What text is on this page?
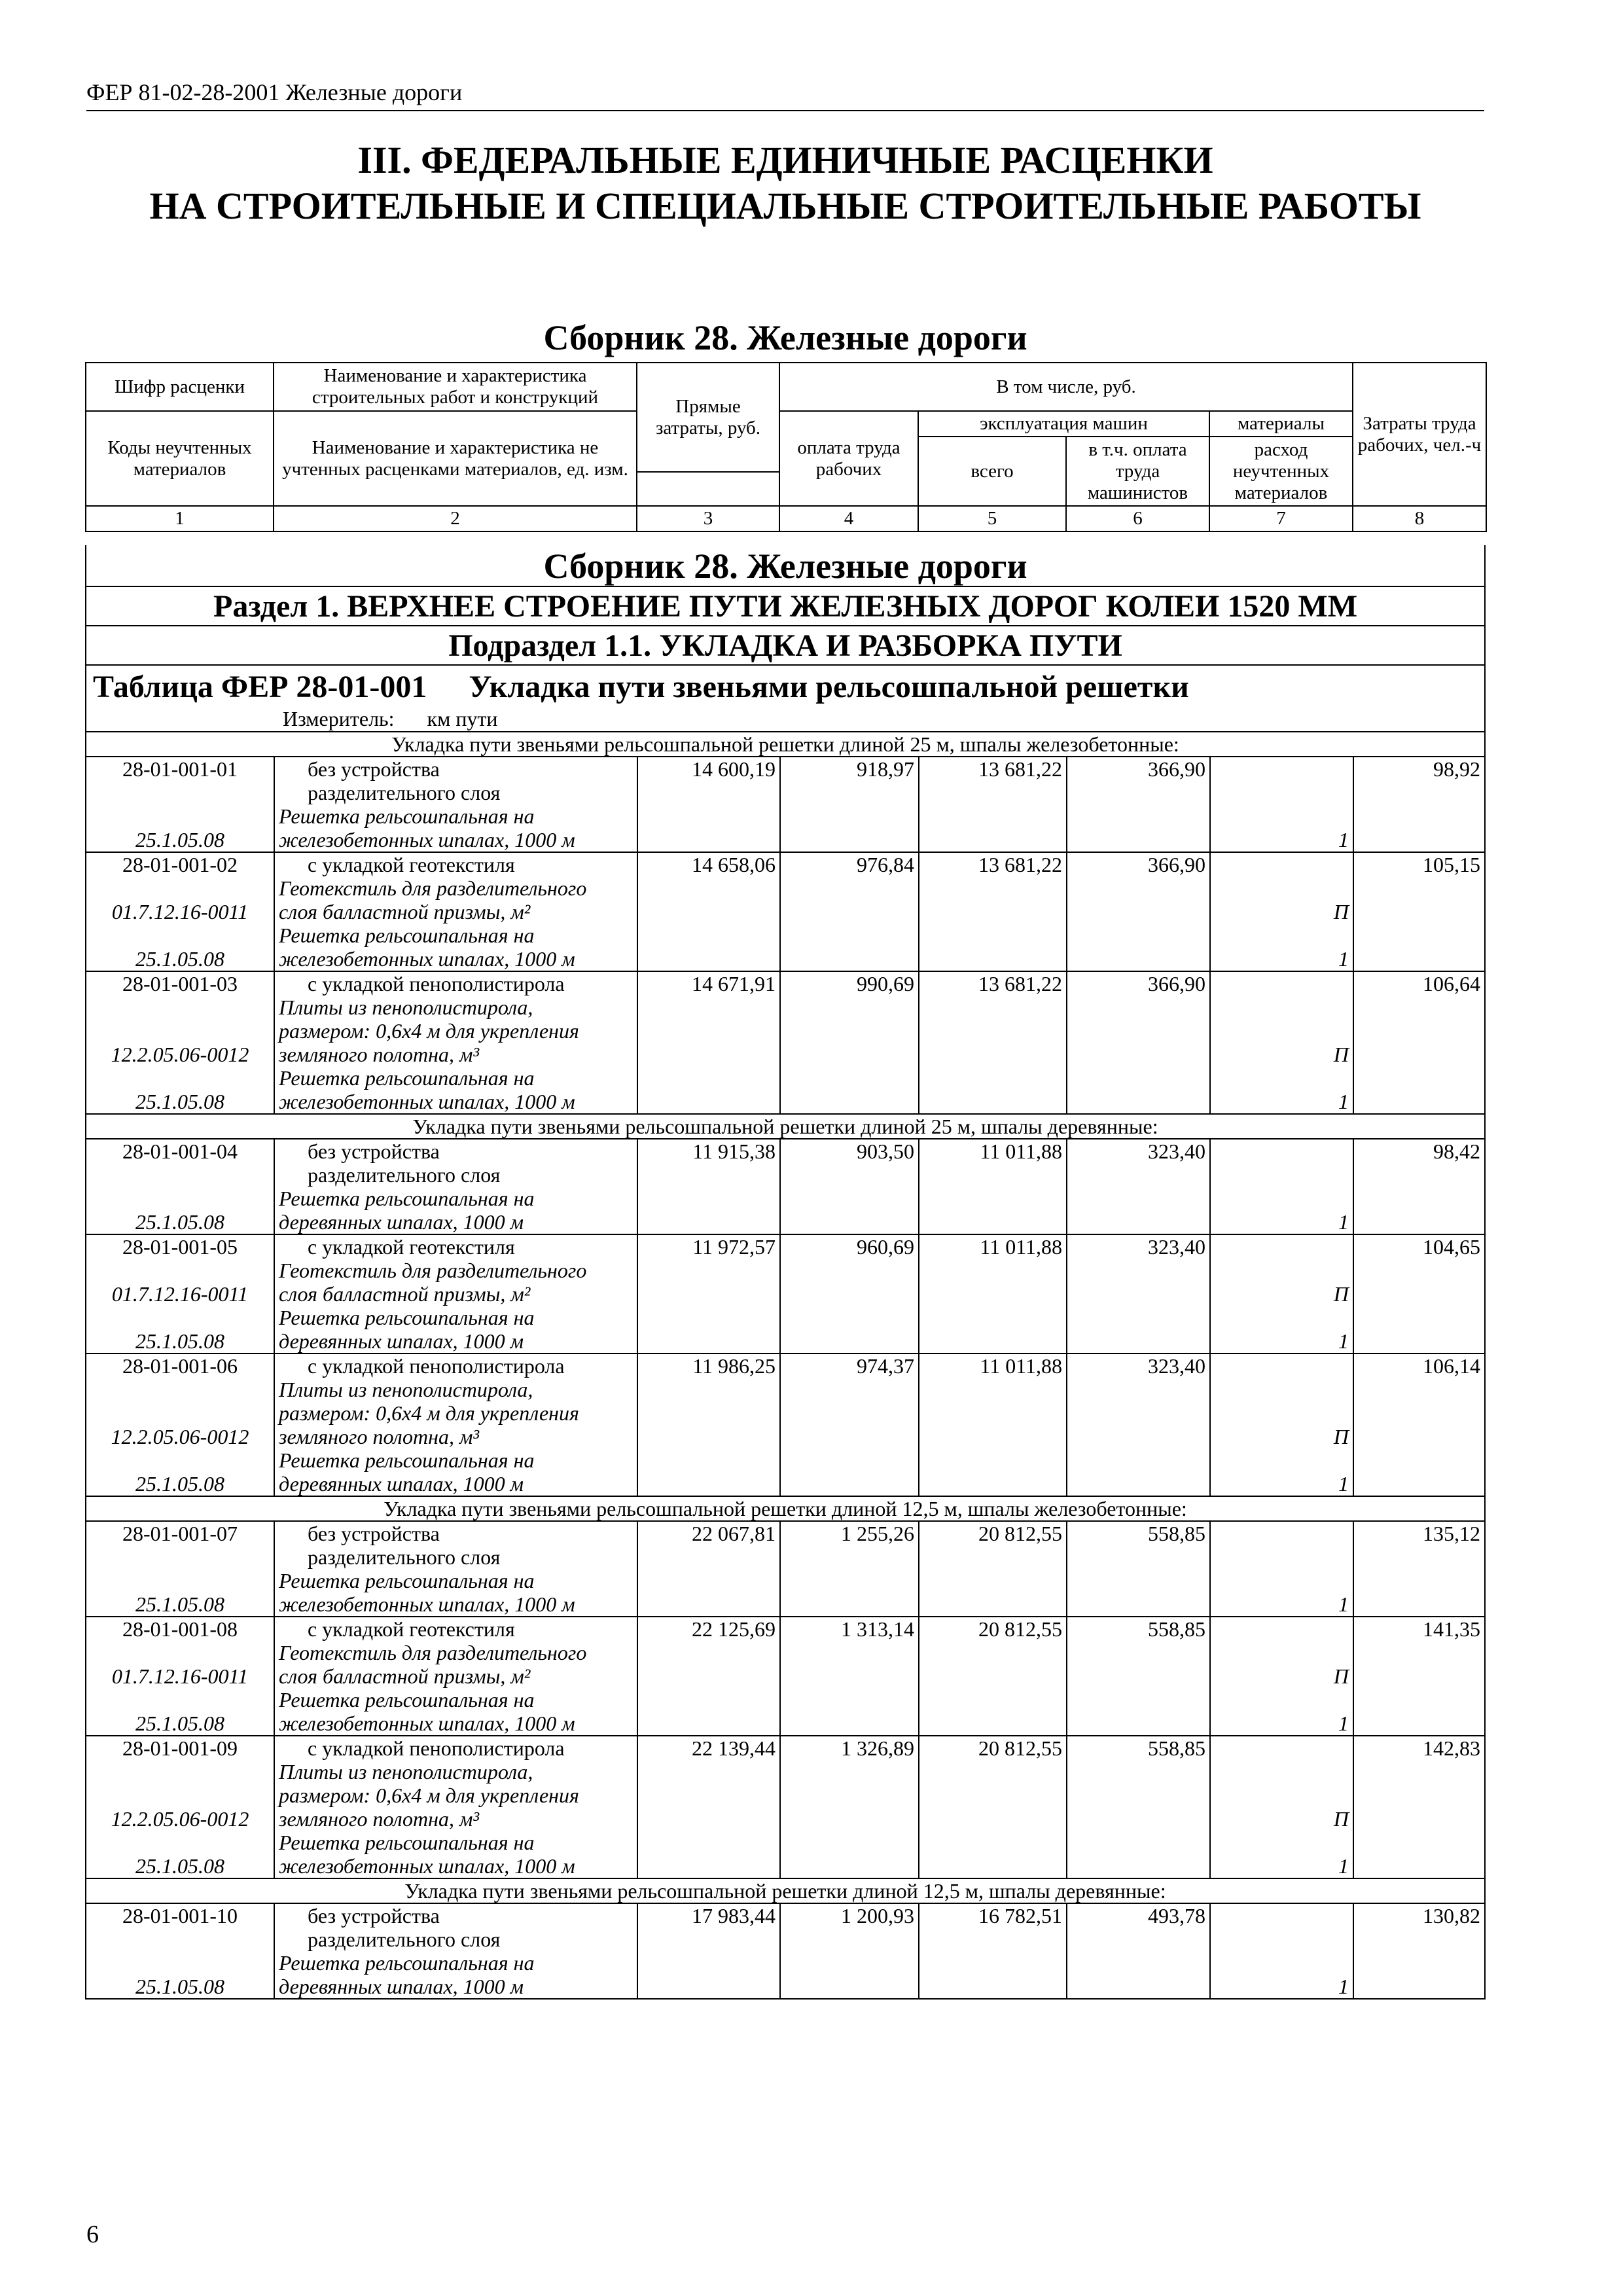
ФЕР 81-02-28-2001 Железные дороги
III. ФЕДЕРАЛЬНЫЕ ЕДИНИЧНЫЕ РАСЦЕНКИ
НА СТРОИТЕЛЬНЫЕ И СПЕЦИАЛЬНЫЕ СТРОИТЕЛЬНЫЕ РАБОТЫ
Сборник 28. Железные дороги
Шифр расценки	Наименование и характеристика строительных работ и конструкций	Прямые затраты, руб.	В том числе, руб.				Затраты труда рабочих, чел.-ч
Коды неучтенных материалов	Наименование и характеристика не учтенных расценками материалов, ед. изм.		оплата труда рабочих	эксплуатация машин		материалы	
				всего	в т.ч. оплата труда машинистов	расход неучтенных материалов	

1	2	3	4	5	6	7	8
Сборник 28. Железные дороги
Раздел 1. ВЕРХНЕЕ СТРОЕНИЕ ПУТИ ЖЕЛЕЗНЫХ ДОРОГ КОЛЕИ 1520 ММ
Подраздел 1.1. УКЛАДКА И РАЗБОРКА ПУТИ
Таблица ФЕР 28-01-001 Укладка пути звеньями рельсошпальной решетки
Измеритель: км пути
Укладка пути звеньями рельсошпальной решетки длиной 25 м, шпалы железобетонные:							
28-01-001-01	без устройства	14 600,19	918,97	13 681,22	366,90		98,92
	разделительного слоя						
	Решетка рельсошпальная на						
25.1.05.08	железобетонных шпалах, 1000 м					1	
28-01-001-02	с укладкой геотекстиля	14 658,06	976,84	13 681,22	366,90		105,15
	Геотекстиль для разделительного						
01.7.12.16-0011	слоя балластной призмы, м²					П	
	Решетка рельсошпальная на						
25.1.05.08	железобетонных шпалах, 1000 м					1	
28-01-001-03	с укладкой пенополистирола	14 671,91	990,69	13 681,22	366,90		106,64
	Плиты из пенополистирола,						
	размером: 0,6х4 м для укрепления						
12.2.05.06-0012	земляного полотна, м³					П	
	Решетка рельсошпальная на						
25.1.05.08	железобетонных шпалах, 1000 м					1	
Укладка пути звеньями рельсошпальной решетки длиной 25 м, шпалы деревянные:							
28-01-001-04	без устройства	11 915,38	903,50	11 011,88	323,40		98,42
	разделительного слоя						
	Решетка рельсошпальная на						
25.1.05.08	деревянных шпалах, 1000 м					1	
28-01-001-05	с укладкой геотекстиля	11 972,57	960,69	11 011,88	323,40		104,65
	Геотекстиль для разделительного						
01.7.12.16-0011	слоя балластной призмы, м²					П	
	Решетка рельсошпальная на						
25.1.05.08	деревянных шпалах, 1000 м					1	
28-01-001-06	с укладкой пенополистирола	11 986,25	974,37	11 011,88	323,40		106,14
	Плиты из пенополистирола,						
	размером: 0,6х4 м для укрепления						
12.2.05.06-0012	земляного полотна, м³					П	
	Решетка рельсошпальная на						
25.1.05.08	деревянных шпалах, 1000 м					1	
Укладка пути звеньями рельсошпальной решетки длиной 12,5 м, шпалы железобетонные:							
28-01-001-07	без устройства	22 067,81	1 255,26	20 812,55	558,85		135,12
	разделительного слоя						
	Решетка рельсошпальная на						
25.1.05.08	железобетонных шпалах, 1000 м					1	
28-01-001-08	с укладкой геотекстиля	22 125,69	1 313,14	20 812,55	558,85		141,35
	Геотекстиль для разделительного						
01.7.12.16-0011	слоя балластной призмы, м²					П	
	Решетка рельсошпальная на						
25.1.05.08	железобетонных шпалах, 1000 м					1	
28-01-001-09	с укладкой пенополистирола	22 139,44	1 326,89	20 812,55	558,85		142,83
	Плиты из пенополистирола,						
	размером: 0,6х4 м для укрепления						
12.2.05.06-0012	земляного полотна, м³					П	
	Решетка рельсошпальная на						
25.1.05.08	железобетонных шпалах, 1000 м					1	
Укладка пути звеньями рельсошпальной решетки длиной 12,5 м, шпалы деревянные:							
28-01-001-10	без устройства	17 983,44	1 200,93	16 782,51	493,78		130,82
	разделительного слоя						
	Решетка рельсошпальная на						
25.1.05.08	деревянных шпалах, 1000 м					1	
6
